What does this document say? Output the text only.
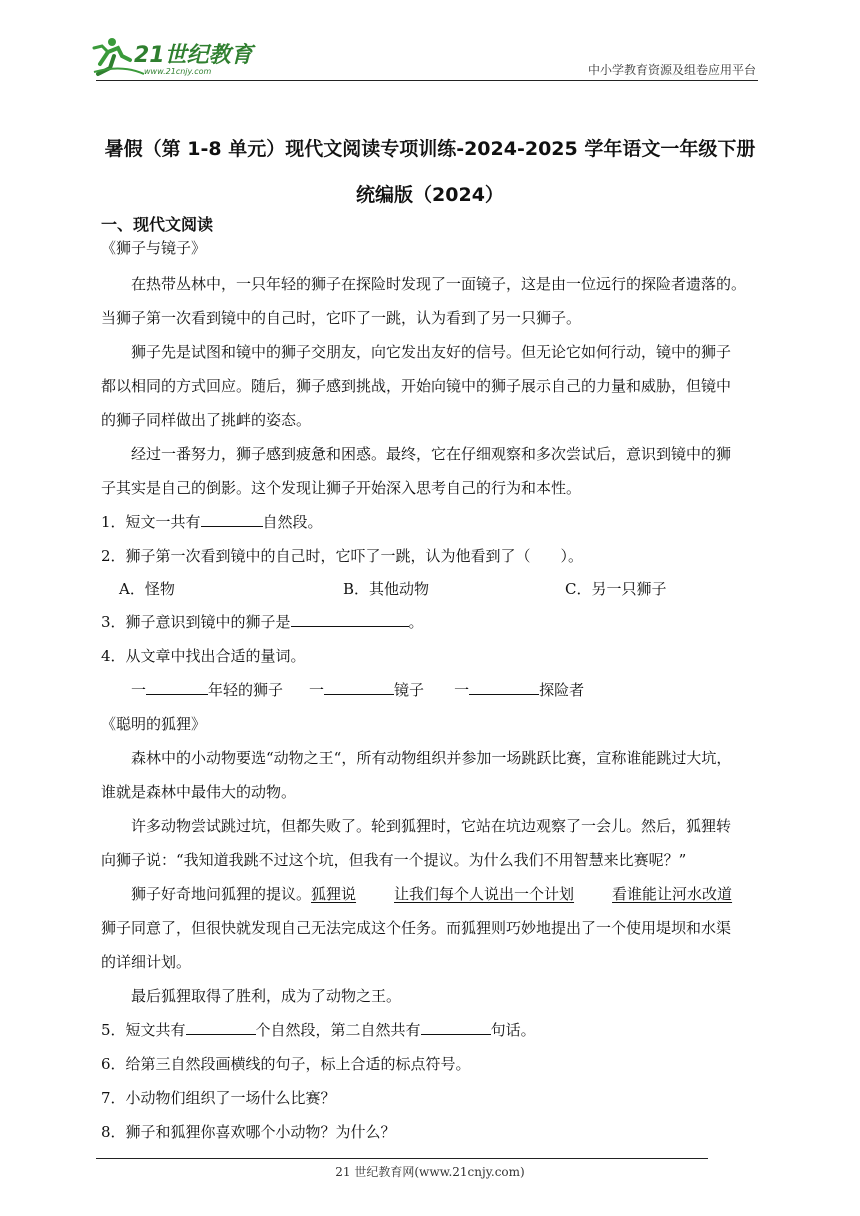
21世纪教育
www.21cnjy.com	中小学教育资源及组卷应用平台
暑假（第 1-8 单元）现代文阅读专项训练-2024-2025 学年语文一年级下册
统编版（2024）
一、现代文阅读
《狮子与镜子》
在热带丛林中，一只年轻的狮子在探险时发现了一面镜子，这是由一位远行的探险者遗落的。
当狮子第一次看到镜中的自己时，它吓了一跳，认为看到了另一只狮子。
狮子先是试图和镜中的狮子交朋友，向它发出友好的信号。但无论它如何行动，镜中的狮子
都以相同的方式回应。随后，狮子感到挑战，开始向镜中的狮子展示自己的力量和威胁，但镜中
的狮子同样做出了挑衅的姿态。
经过一番努力，狮子感到疲惫和困惑。最终，它在仔细观察和多次尝试后，意识到镜中的狮
子其实是自己的倒影。这个发现让狮子开始深入思考自己的行为和本性。
1．短文一共有	自然段。
2．狮子第一次看到镜中的自己时，它吓了一跳，认为他看到了（　　）。
A．怪物	B．其他动物	C．另一只狮子
3．狮子意识到镜中的狮子是	。
4．从文章中找出合适的量词。
一	年轻的狮子 一	镜子 一	探险者
《聪明的狐狸》
森林中的小动物要选“动物之王“，所有动物组织并参加一场跳跃比赛，宣称谁能跳过大坑，
谁就是森林中最伟大的动物。
许多动物尝试跳过坑，但都失败了。轮到狐狸时，它站在坑边观察了一会儿。然后，狐狸转
向狮子说：“我知道我跳不过这个坑，但我有一个提议。为什么我们不用智慧来比赛呢？”
狮子好奇地问狐狸的提议。狐狸说	让我们每个人说出一个计划	看谁能让河水改道
狮子同意了，但很快就发现自己无法完成这个任务。而狐狸则巧妙地提出了一个使用堤坝和水渠
的详细计划。
最后狐狸取得了胜利，成为了动物之王。
5．短文共有	个自然段，第二自然共有	句话。
6．给第三自然段画横线的句子，标上合适的标点符号。
7．小动物们组织了一场什么比赛？
8．狮子和狐狸你喜欢哪个小动物？为什么？
21 世纪教育网(www.21cnjy.com)
